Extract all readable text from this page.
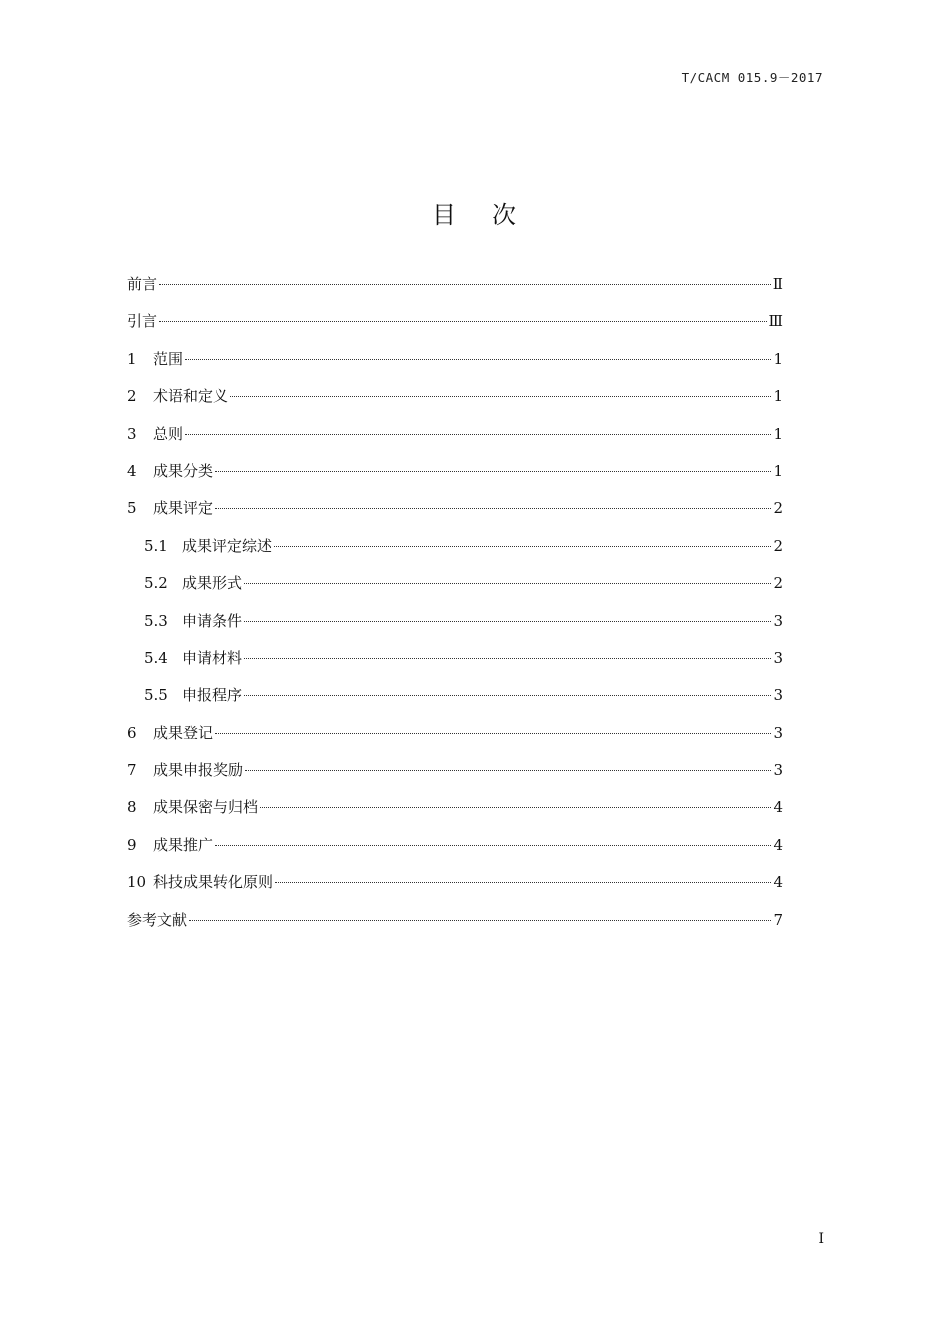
T/CACM 015.9－2017
目 次
前言	Ⅱ
引言	Ⅲ
1	范围	1
2	术语和定义	1
3	总则	1
4	成果分类	1
5	成果评定	2
5.1 成果评定综述	2
5.2 成果形式	2
5.3 申请条件	3
5.4 申请材料	3
5.5 申报程序	3
6	成果登记	3
7	成果申报奖励	3
8	成果保密与归档	4
9	成果推广	4
10 科技成果转化原则	4
参考文献	7
I
